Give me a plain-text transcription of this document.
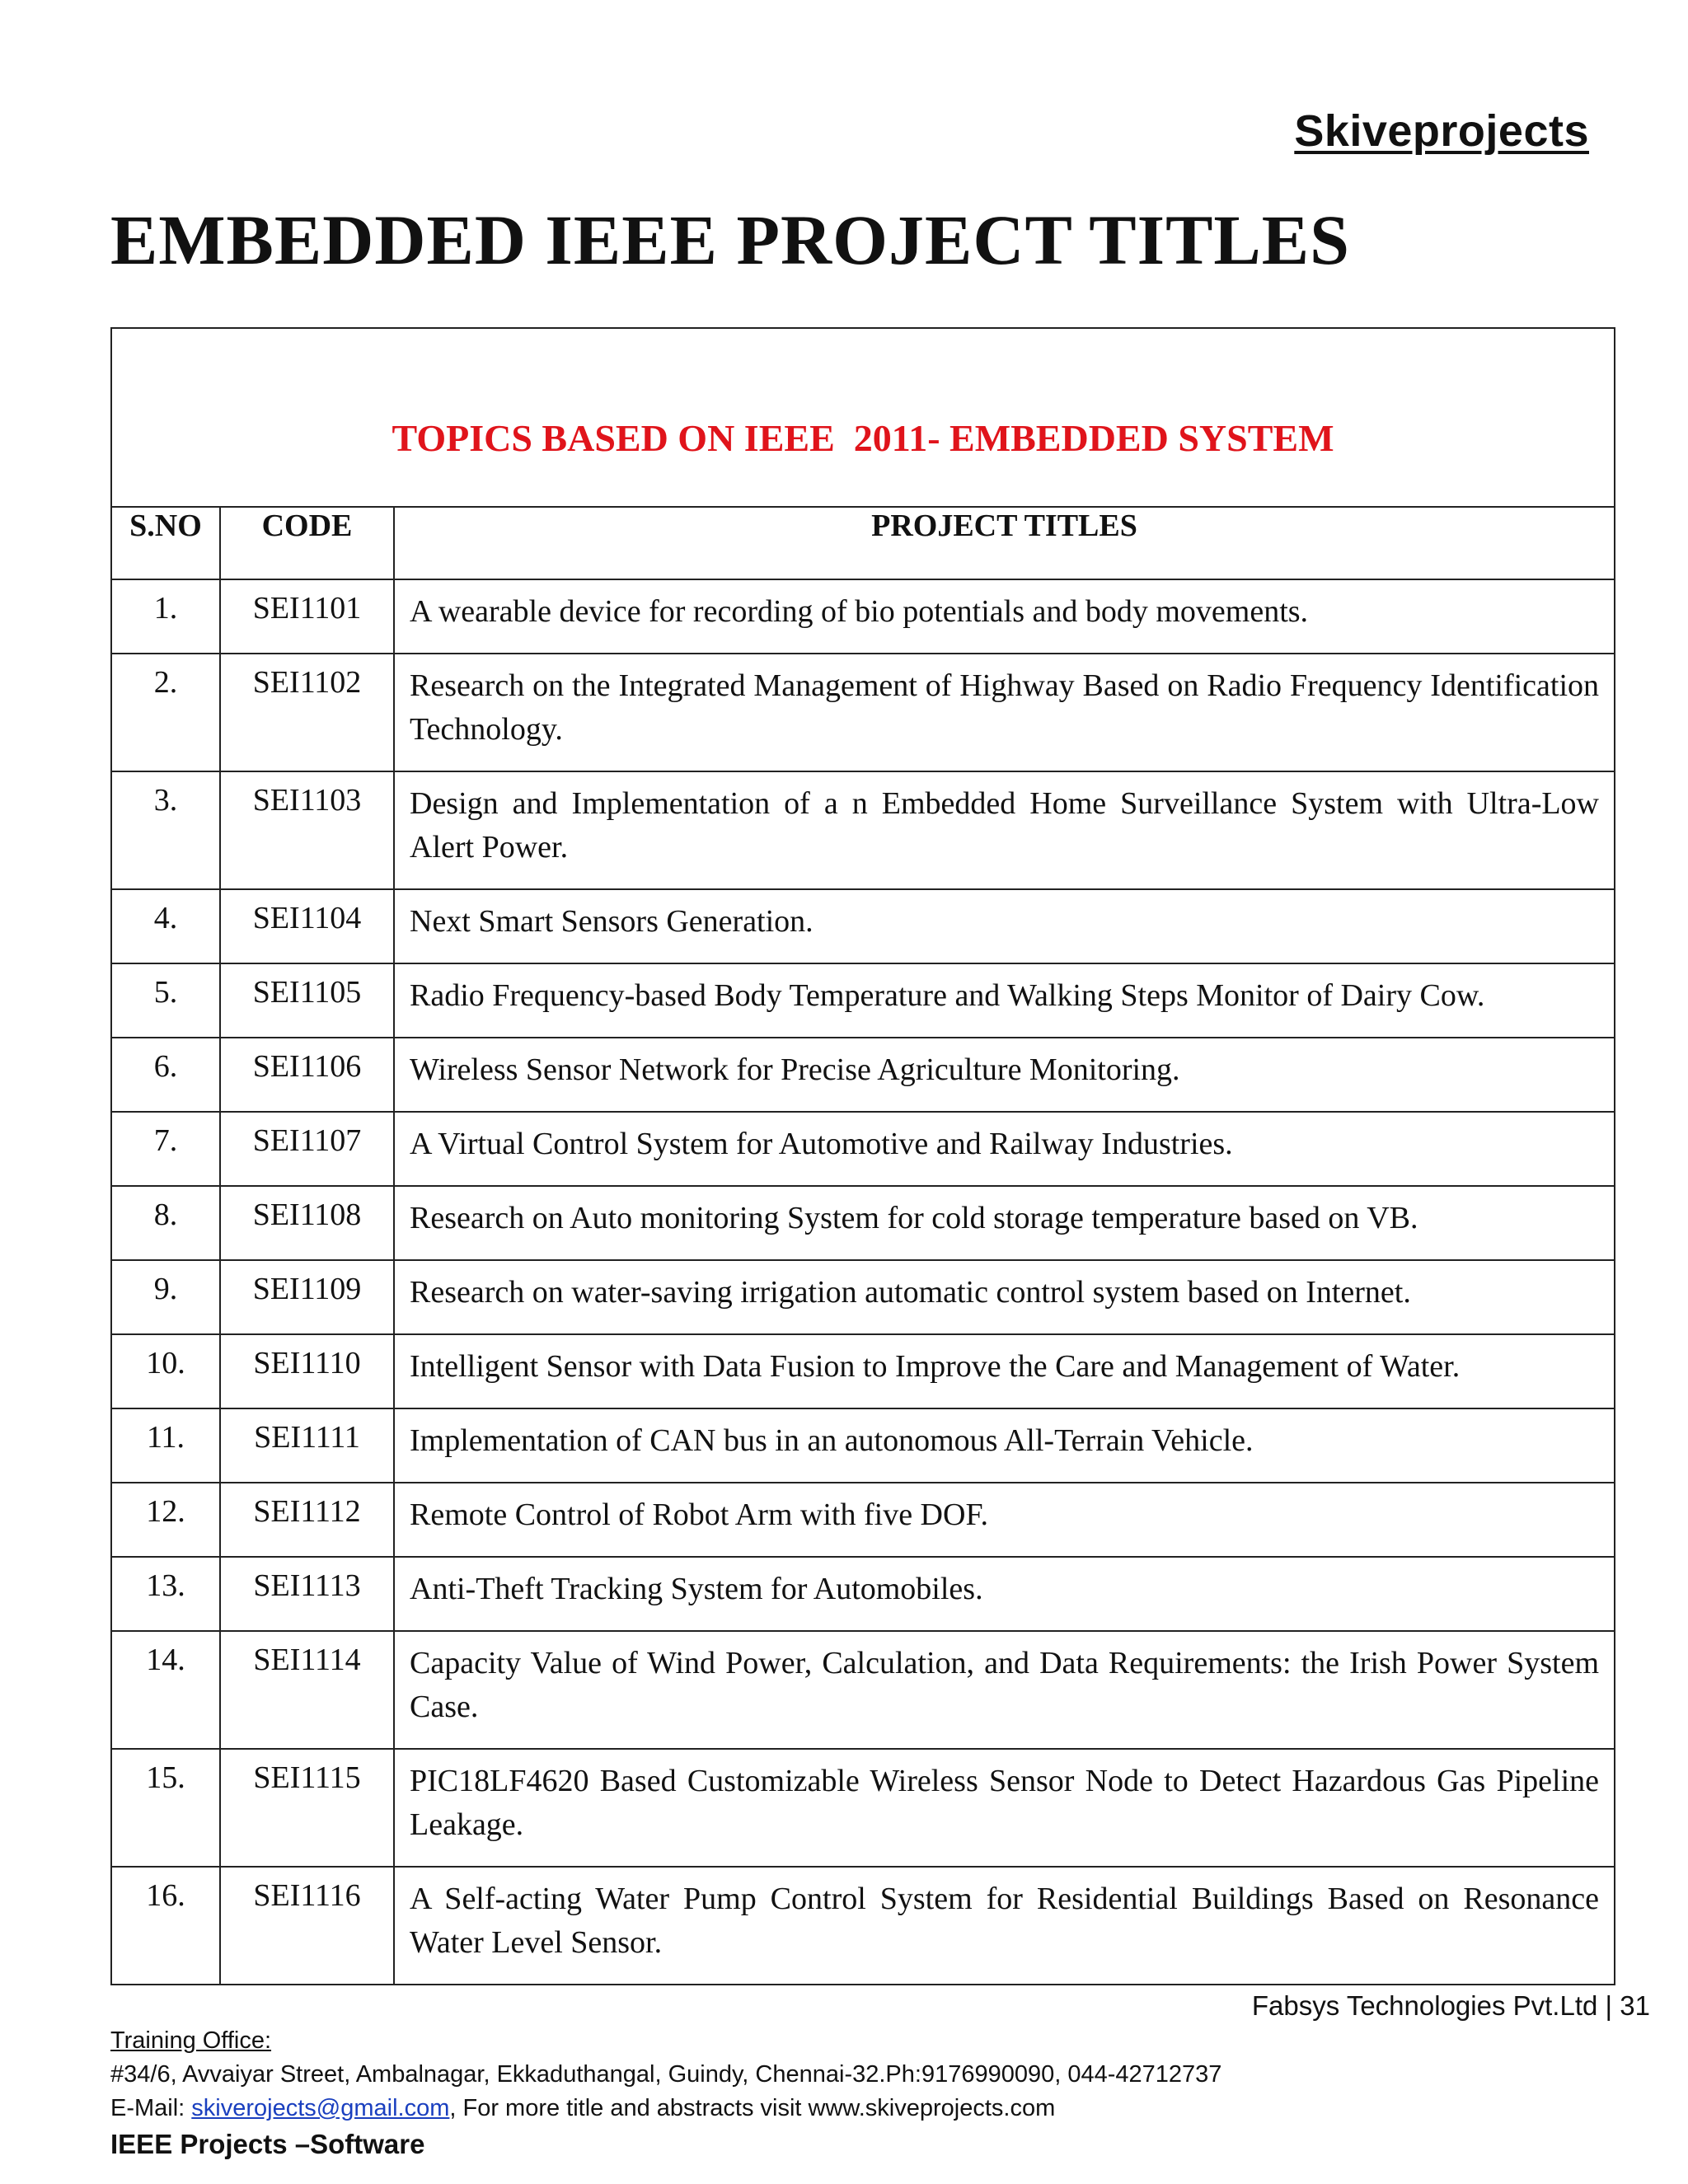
Skiveprojects
EMBEDDED IEEE PROJECT TITLES
TOPICS BASED ON IEEE  2011- EMBEDDED SYSTEM		
S.NO	CODE	PROJECT TITLES
1.	SEI1101	A wearable device for recording of bio potentials and body movements.
2.	SEI1102	Research on the Integrated Management of Highway Based on Radio Frequency Identification Technology.
3.	SEI1103	Design and Implementation of a n Embedded Home Surveillance System with Ultra-Low Alert Power.
4.	SEI1104	Next Smart Sensors Generation.
5.	SEI1105	Radio Frequency-based Body Temperature and Walking Steps Monitor of Dairy Cow.
6.	SEI1106	Wireless Sensor Network for Precise Agriculture Monitoring.
7.	SEI1107	A Virtual Control System for Automotive and Railway Industries.
8.	SEI1108	Research on Auto monitoring System for cold storage temperature based on VB.
9.	SEI1109	Research on water-saving irrigation automatic control system based on Internet.
10.	SEI1110	Intelligent Sensor with Data Fusion to Improve the Care and Management of Water.
11.	SEI1111	Implementation of CAN bus in an autonomous All-Terrain Vehicle.
12.	SEI1112	Remote Control of Robot Arm with five DOF.
13.	SEI1113	Anti-Theft Tracking System for Automobiles.
14.	SEI1114	Capacity Value of Wind Power, Calculation, and Data Requirements: the Irish Power System Case.
15.	SEI1115	PIC18LF4620 Based Customizable Wireless Sensor Node to Detect Hazardous Gas Pipeline Leakage.
16.	SEI1116	A Self-acting Water Pump Control System for Residential Buildings Based on Resonance Water Level Sensor.
Fabsys Technologies Pvt.Ltd | 31
Training Office:
#34/6, Avvaiyar Street, Ambalnagar, Ekkaduthangal, Guindy, Chennai-32.Ph:9176990090, 044-42712737
E-Mail: skiverojects@gmail.com, For more title and abstracts visit www.skiveprojects.com
IEEE Projects –Software
